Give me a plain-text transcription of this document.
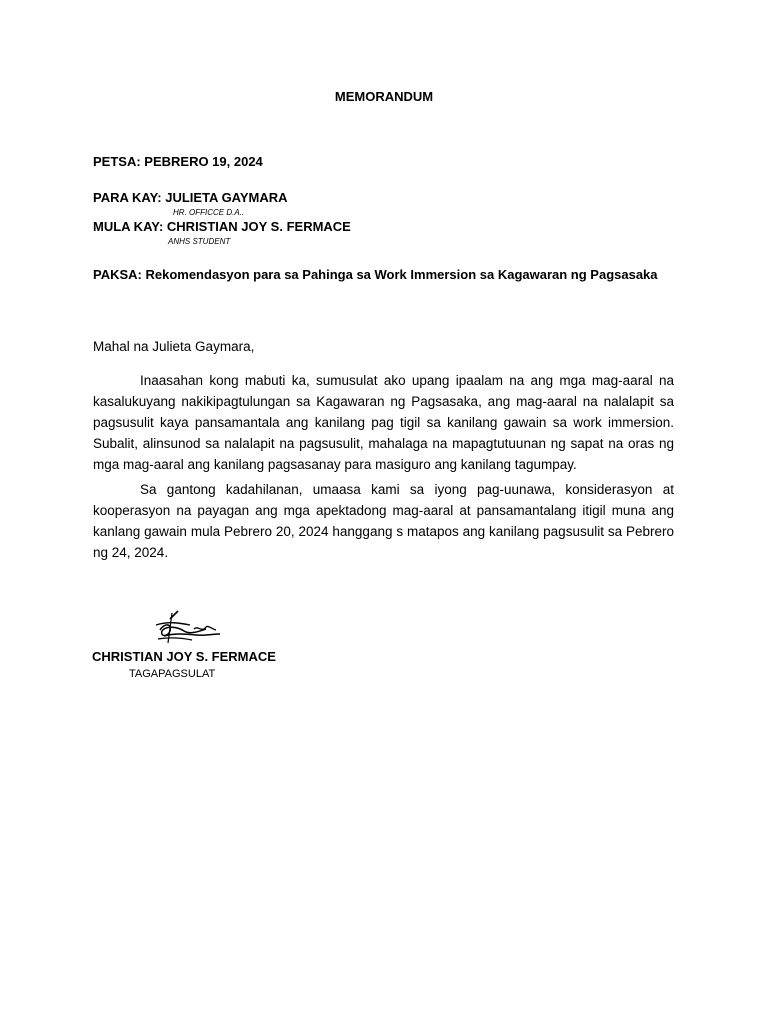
MEMORANDUM
PETSA: PEBRERO 19, 2024
PARA KAY: JULIETA GAYMARA
HR. OFFICCE D.A..
MULA KAY: CHRISTIAN JOY S. FERMACE
ANHS STUDENT
PAKSA: Rekomendasyon para sa Pahinga sa Work Immersion sa Kagawaran ng Pagsasaka
Mahal na Julieta Gaymara,

Inaasahan kong mabuti ka, sumusulat ako upang ipaalam na ang mga mag-aaral na kasalukuyang nakikipagtulungan sa Kagawaran ng Pagsasaka, ang mag-aaral na nalalapit sa pagsusulit kaya pansamantala ang kanilang pag tigil sa kanilang gawain sa work immersion. Subalit, alinsunod sa nalalapit na pagsusulit, mahalaga na mapagtutuunan ng sapat na oras ng mga mag-aaral ang kanilang pagsasanay para masiguro ang kanilang tagumpay.

Sa gantong kadahilanan, umaasa kami sa iyong pag-uunawa, konsiderasyon at kooperasyon na payagan ang mga apektadong mag-aaral at pansamantalang itigil muna ang kanlang gawain mula Pebrero 20, 2024 hanggang s matapos ang kanilang pagsusulit sa Pebrero ng 24, 2024.

CHRISTIAN JOY S. FERMACE
TAGAPAGSULAT
